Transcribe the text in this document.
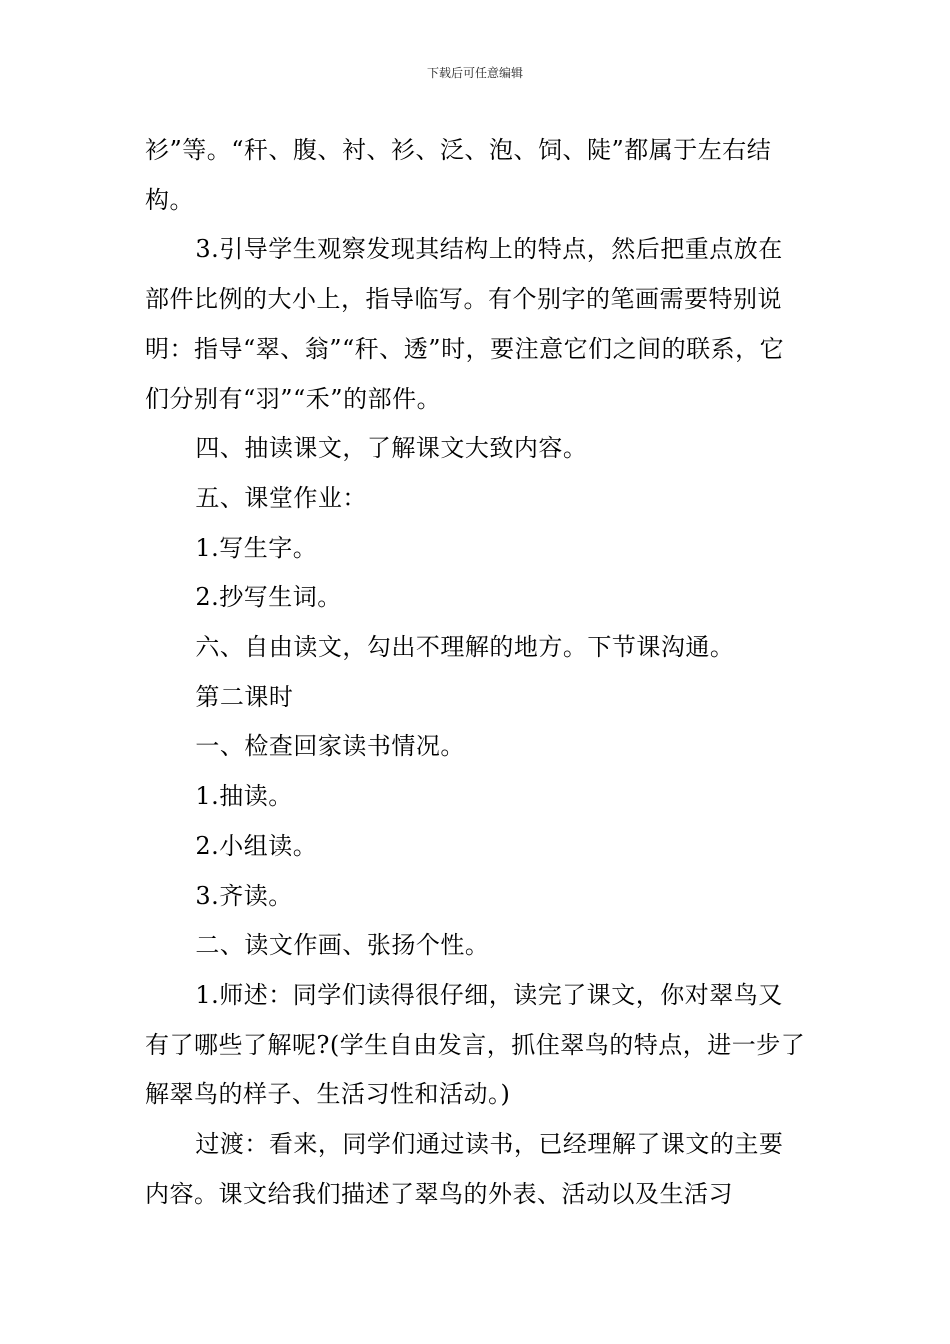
下载后可任意编辑

衫”等。“秆、腹、衬、衫、泛、泡、饲、陡”都属于左右结构。

3.引导学生观察发现其结构上的特点，然后把重点放在部件比例的大小上，指导临写。有个别字的笔画需要特别说明：指导“翠、翁”“秆、透”时，要注意它们之间的联系，它们分别有“羽”“禾”的部件。

四、抽读课文，了解课文大致内容。

五、课堂作业：

1.写生字。

2.抄写生词。

六、自由读文，勾出不理解的地方。下节课沟通。

第二课时

一、检查回家读书情况。

1.抽读。

2.小组读。

3.齐读。

二、读文作画、张扬个性。

1.师述：同学们读得很仔细，读完了课文，你对翠鸟又有了哪些了解呢?(学生自由发言，抓住翠鸟的特点，进一步了解翠鸟的样子、生活习性和活动。)

过渡：看来，同学们通过读书，已经理解了课文的主要内容。课文给我们描述了翠鸟的外表、活动以及生活习
